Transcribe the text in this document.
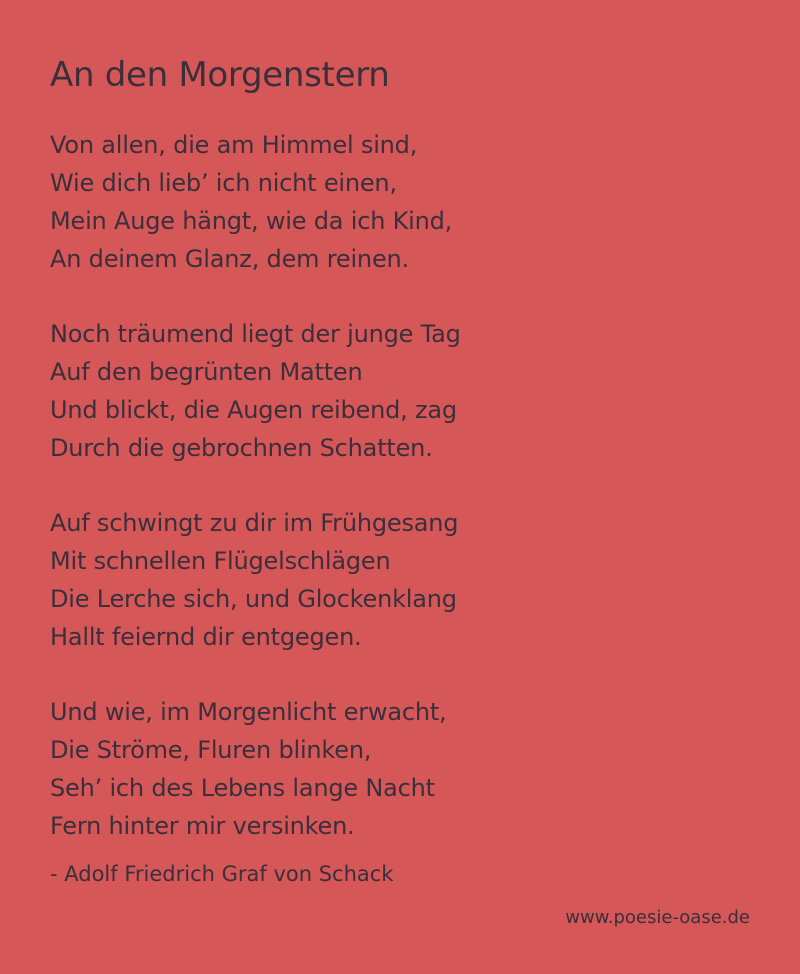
An den Morgenstern
Von allen, die am Himmel sind,
Wie dich lieb’ ich nicht einen,
Mein Auge hängt, wie da ich Kind,
An deinem Glanz, dem reinen.
Noch träumend liegt der junge Tag
Auf den begrünten Matten
Und blickt, die Augen reibend, zag
Durch die gebrochnen Schatten.
Auf schwingt zu dir im Frühgesang
Mit schnellen Flügelschlägen
Die Lerche sich, und Glockenklang
Hallt feiernd dir entgegen.
Und wie, im Morgenlicht erwacht,
Die Ströme, Fluren blinken,
Seh’ ich des Lebens lange Nacht
Fern hinter mir versinken.
- Adolf Friedrich Graf von Schack
www.poesie-oase.de
